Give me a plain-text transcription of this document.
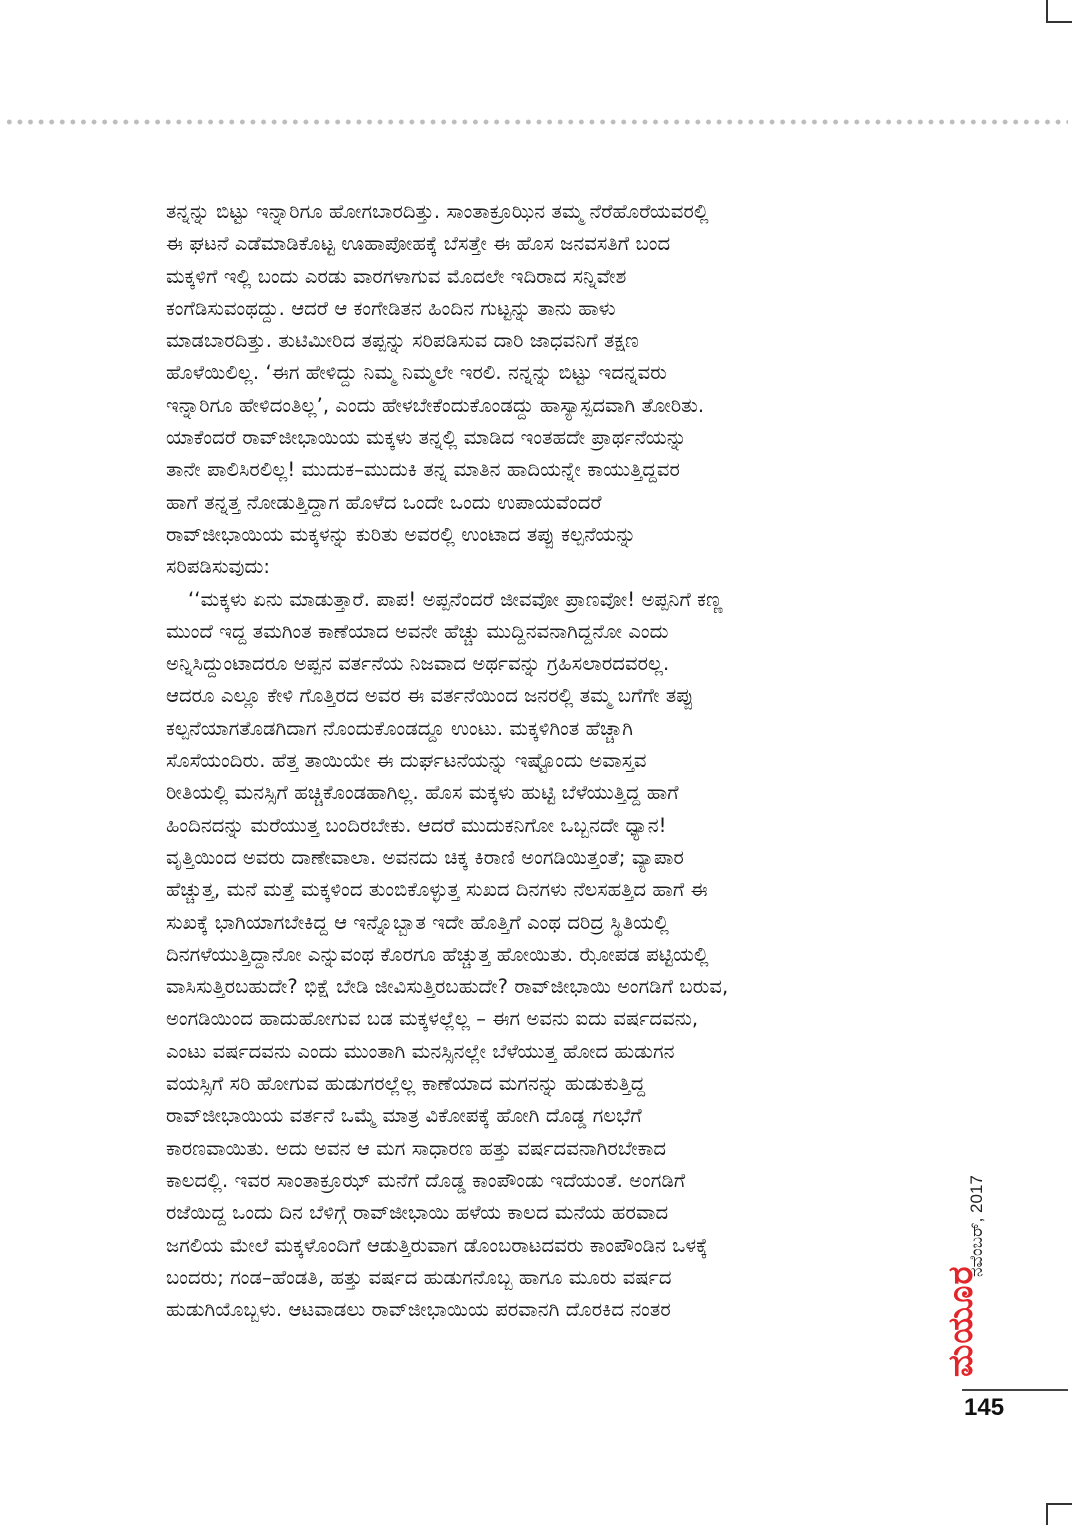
ತನ್ನನ್ನು ಬಿಟ್ಟು ಇನ್ನಾರಿಗೂ ಹೋಗಬಾರದಿತ್ತು. ಸಾಂತಾಕ್ರೂಝಿನ ತಮ್ಮ ನೆರೆಹೊರೆಯವರಲ್ಲಿ
ಈ ಘಟನೆ ಎಡೆಮಾಡಿಕೊಟ್ಟ ಊಹಾಪೋಹಕ್ಕೆ ಬೆಸತ್ತೇ ಈ ಹೊಸ ಜನವಸತಿಗೆ ಬಂದ
ಮಕ್ಕಳಿಗೆ ಇಲ್ಲಿ ಬಂದು ಎರಡು ವಾರಗಳಾಗುವ ಮೊದಲೇ ಇದಿರಾದ ಸನ್ನಿವೇಶ
ಕಂಗೆಡಿಸುವಂಥದ್ದು. ಆದರೆ ಆ ಕಂಗೇಡಿತನ ಹಿಂದಿನ ಗುಟ್ಟನ್ನು ತಾನು ಹಾಳು
ಮಾಡಬಾರದಿತ್ತು. ತುಟಿಮೀರಿದ ತಪ್ಪನ್ನು ಸರಿಪಡಿಸುವ ದಾರಿ ಜಾಧವನಿಗೆ ತಕ್ಷಣ
ಹೊಳೆಯಿಲಿಲ್ಲ. ‘ಈಗ ಹೇಳಿದ್ದು ನಿಮ್ಮ ನಿಮ್ಮಲೇ ಇರಲಿ. ನನ್ನನ್ನು ಬಿಟ್ಟು ಇದನ್ನವರು
ಇನ್ನಾರಿಗೂ ಹೇಳಿದಂತಿಲ್ಲ’, ಎಂದು ಹೇಳಬೇಕೆಂದುಕೊಂಡದ್ದು ಹಾಸ್ಯಾಸ್ಪದವಾಗಿ ತೋರಿತು.
ಯಾಕೆಂದರೆ ರಾವ್‌ಜೀಭಾಯಿಯ ಮಕ್ಕಳು ತನ್ನಲ್ಲಿ ಮಾಡಿದ ಇಂತಹದೇ ಪ್ರಾರ್ಥನೆಯನ್ನು
ತಾನೇ ಪಾಲಿಸಿರಲಿಲ್ಲ! ಮುದುಕ–ಮುದುಕಿ ತನ್ನ ಮಾತಿನ ಹಾದಿಯನ್ನೇ ಕಾಯುತ್ತಿದ್ದವರ
ಹಾಗೆ ತನ್ನತ್ತ ನೋಡುತ್ತಿದ್ದಾಗ ಹೊಳೆದ ಒಂದೇ ಒಂದು ಉಪಾಯವೆಂದರೆ
ರಾವ್‌ಜೀಭಾಯಿಯ ಮಕ್ಕಳನ್ನು ಕುರಿತು ಅವರಲ್ಲಿ ಉಂಟಾದ ತಪ್ಪು ಕಲ್ಪನೆಯನ್ನು
ಸರಿಪಡಿಸುವುದು:
‘‘ಮಕ್ಕಳು ಏನು ಮಾಡುತ್ತಾರೆ. ಪಾಪ! ಅಪ್ಪನೆಂದರೆ ಜೀವವೋ ಪ್ರಾಣವೋ! ಅಪ್ಪನಿಗೆ ಕಣ್ಣ
ಮುಂದೆ ಇದ್ದ ತಮಗಿಂತ ಕಾಣೆಯಾದ ಅವನೇ ಹೆಚ್ಚು ಮುದ್ದಿನವನಾಗಿದ್ದನೋ ಎಂದು
ಅನ್ನಿಸಿದ್ದುಂಟಾದರೂ ಅಪ್ಪನ ವರ್ತನೆಯ ನಿಜವಾದ ಅರ್ಥವನ್ನು ಗ್ರಹಿಸಲಾರದವರಲ್ಲ.
ಆದರೂ ಎಲ್ಲೂ ಕೇಳಿ ಗೊತ್ತಿರದ ಅವರ ಈ ವರ್ತನೆಯಿಂದ ಜನರಲ್ಲಿ ತಮ್ಮ ಬಗೆಗೇ ತಪ್ಪು
ಕಲ್ಪನೆಯಾಗತೊಡಗಿದಾಗ ನೊಂದುಕೊಂಡದ್ದೂ ಉಂಟು. ಮಕ್ಕಳಿಗಿಂತ ಹೆಚ್ಚಾಗಿ
ಸೊಸೆಯಂದಿರು. ಹೆತ್ತ ತಾಯಿಯೇ ಈ ದುರ್ಘಟನೆಯನ್ನು ಇಷ್ಟೊಂದು ಅವಾಸ್ತವ
ರೀತಿಯಲ್ಲಿ ಮನಸ್ಸಿಗೆ ಹಚ್ಚಿಕೊಂಡಹಾಗಿಲ್ಲ. ಹೊಸ ಮಕ್ಕಳು ಹುಟ್ಟಿ ಬೆಳೆಯುತ್ತಿದ್ದ ಹಾಗೆ
ಹಿಂದಿನದನ್ನು ಮರೆಯುತ್ತ ಬಂದಿರಬೇಕು. ಆದರೆ ಮುದುಕನಿಗೋ ಒಬ್ಬನದೇ ಧ್ಯಾನ!
ವೃತ್ತಿಯಿಂದ ಅವರು ದಾಣೇವಾಲಾ. ಅವನದು ಚಿಕ್ಕ ಕಿರಾಣಿ ಅಂಗಡಿಯಿತ್ತಂತೆ; ವ್ಯಾಪಾರ
ಹೆಚ್ಚುತ್ತ, ಮನೆ ಮತ್ತೆ ಮಕ್ಕಳಿಂದ ತುಂಬಿಕೊಳ್ಳುತ್ತ ಸುಖದ ದಿನಗಳು ನೆಲಸಹತ್ತಿದ ಹಾಗೆ ಈ
ಸುಖಕ್ಕೆ ಭಾಗಿಯಾಗಬೇಕಿದ್ದ ಆ ಇನ್ನೊಬ್ಬಾತ ಇದೇ ಹೊತ್ತಿಗೆ ಎಂಥ ದರಿದ್ರ ಸ್ಥಿತಿಯಲ್ಲಿ
ದಿನಗಳೆಯುತ್ತಿದ್ದಾನೋ ಎನ್ನುವಂಥ ಕೊರಗೂ ಹೆಚ್ಚುತ್ತ ಹೋಯಿತು. ಝೋಪಡ ಪಟ್ಟಿಯಲ್ಲಿ
ವಾಸಿಸುತ್ತಿರಬಹುದೇ? ಭಿಕ್ಷೆ ಬೇಡಿ ಜೀವಿಸುತ್ತಿರಬಹುದೇ? ರಾವ್‌ಜೀಭಾಯಿ ಅಂಗಡಿಗೆ ಬರುವ,
ಅಂಗಡಿಯಿಂದ ಹಾದುಹೋಗುವ ಬಡ ಮಕ್ಕಳಲ್ಲೆಲ್ಲ – ಈಗ ಅವನು ಐದು ವರ್ಷದವನು,
ಎಂಟು ವರ್ಷದವನು ಎಂದು ಮುಂತಾಗಿ ಮನಸ್ಸಿನಲ್ಲೇ ಬೆಳೆಯುತ್ತ ಹೋದ ಹುಡುಗನ
ವಯಸ್ಸಿಗೆ ಸರಿ ಹೋಗುವ ಹುಡುಗರಲ್ಲೆಲ್ಲ ಕಾಣೆಯಾದ ಮಗನನ್ನು ಹುಡುಕುತ್ತಿದ್ದ
ರಾವ್‌ಜೀಭಾಯಿಯ ವರ್ತನೆ ಒಮ್ಮೆ ಮಾತ್ರ ವಿಕೋಪಕ್ಕೆ ಹೋಗಿ ದೊಡ್ಡ ಗಲಭೆಗೆ
ಕಾರಣವಾಯಿತು. ಅದು ಅವನ ಆ ಮಗ ಸಾಧಾರಣ ಹತ್ತು ವರ್ಷದವನಾಗಿರಬೇಕಾದ
ಕಾಲದಲ್ಲಿ. ಇವರ ಸಾಂತಾಕ್ರೂಝ್ ಮನೆಗೆ ದೊಡ್ಡ ಕಾಂಪೌಂಡು ಇದೆಯಂತೆ. ಅಂಗಡಿಗೆ
ರಜೆಯಿದ್ದ ಒಂದು ದಿನ ಬೆಳಿಗ್ಗೆ ರಾವ್‌ಜೀಭಾಯಿ ಹಳೆಯ ಕಾಲದ ಮನೆಯ ಹರವಾದ
ಜಗಲಿಯ ಮೇಲೆ ಮಕ್ಕಳೊಂದಿಗೆ ಆಡುತ್ತಿರುವಾಗ ಡೊಂಬರಾಟದವರು ಕಾಂಪೌಂಡಿನ ಒಳಕ್ಕೆ
ಬಂದರು; ಗಂಡ–ಹೆಂಡತಿ, ಹತ್ತು ವರ್ಷದ ಹುಡುಗನೊಬ್ಬ ಹಾಗೂ ಮೂರು ವರ್ಷದ
ಹುಡುಗಿಯೊಬ್ಬಳು. ಆಟವಾಡಲು ರಾವ್‌ಜೀಭಾಯಿಯ ಪರವಾನಗಿ ದೊರಕಿದ ನಂತರ
ನವೆಂಬರ್, 2017
ಮಯೂರ
145
